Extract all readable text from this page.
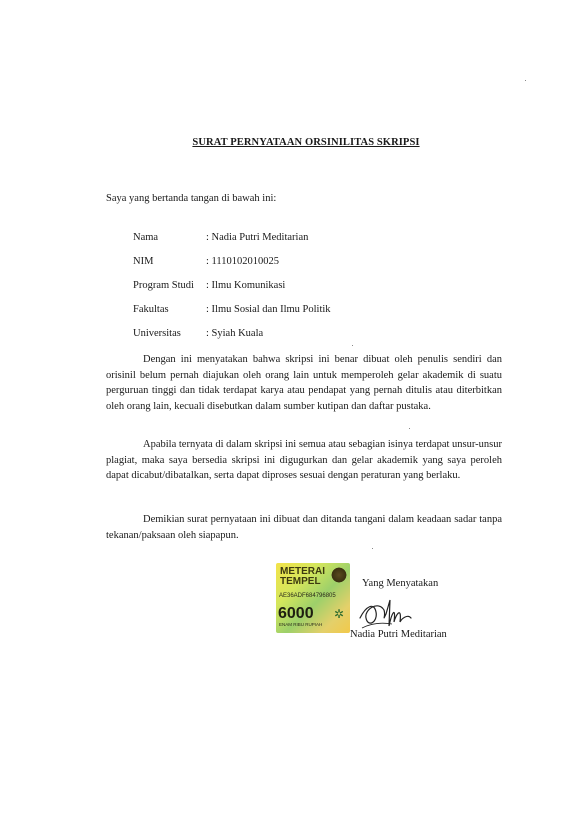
SURAT PERNYATAAN ORSINILITAS SKRIPSI
Saya yang bertanda tangan di bawah ini:
Nama	: Nadia Putri Meditarian
NIM	: 1110102010025
Program Studi	: Ilmu Komunikasi
Fakultas	: Ilmu Sosial dan Ilmu Politik
Universitas	: Syiah Kuala

Dengan ini menyatakan bahwa skripsi ini benar dibuat oleh penulis sendiri dan orisinil belum pernah diajukan oleh orang lain untuk memperoleh gelar akademik di suatu perguruan tinggi dan tidak terdapat karya atau pendapat yang pernah ditulis atau diterbitkan oleh orang lain, kecuali disebutkan dalam sumber kutipan dan daftar pustaka.

Apabila ternyata di dalam skripsi ini semua atau sebagian isinya terdapat unsur-unsur plagiat, maka saya bersedia skripsi ini digugurkan dan gelar akademik yang saya peroleh dapat dicabut/dibatalkan, serta dapat diproses sesuai dengan peraturan yang berlaku.

Demikian surat pernyataan ini dibuat dan ditanda tangani dalam keadaan sadar tanpa tekanan/paksaan oleh siapapun.

METERAI
TEMPEL
AE36ADF684796805
6000 ✲
ENAM RIBU RUPIAH
Yang Menyatakan
Nadia Putri Meditarian
